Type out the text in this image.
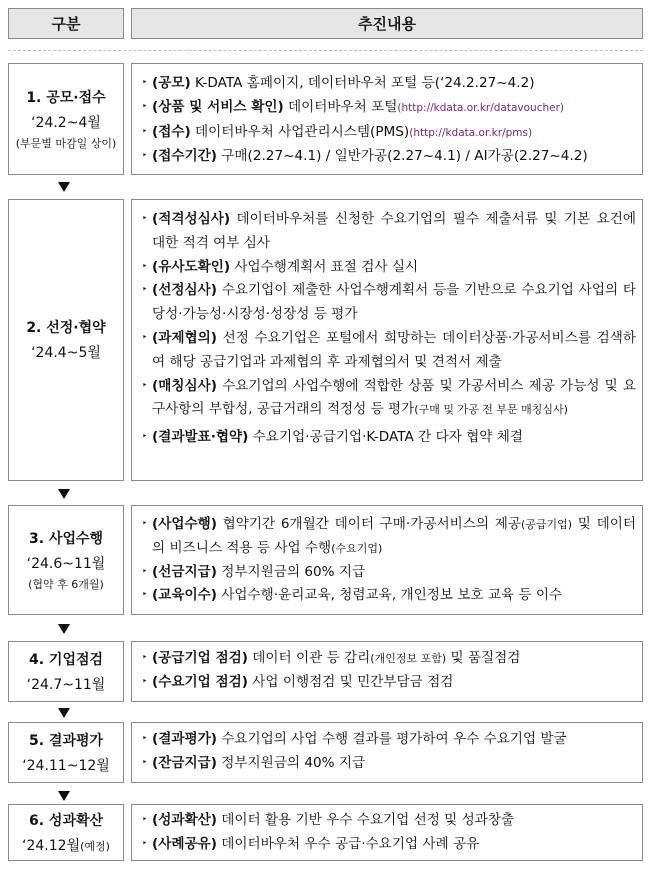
구분	추진내용
1. 공모·접수
‘24.2~4월
(부문별 마감일 상이)
‣ (공모) K-DATA 홈페이지, 데이터바우처 포털 등(‘24.2.27~4.2)
‣ (상품 및 서비스 확인) 데이터바우처 포털(http://kdata.or.kr/datavoucher)
‣ (접수) 데이터바우처 사업관리시스템(PMS)(http://kdata.or.kr/pms)
‣ (접수기간) 구매(2.27~4.1) / 일반가공(2.27~4.1) / AI가공(2.27~4.2)
2. 선정·협약
‘24.4~5월
‣ (적격성심사) 데이터바우처를 신청한 수요기업의 필수 제출서류 및 기본 요건에 대한 적격 여부 심사
‣ (유사도확인) 사업수행계획서 표절 검사 실시
‣ (선정심사) 수요기업이 제출한 사업수행계획서 등을 기반으로 수요기업 사업의 타당성·가능성·시장성·성장성 등 평가
‣ (과제협의) 선정 수요기업은 포털에서 희망하는 데이터상품·가공서비스를 검색하여 해당 공급기업과 과제협의 후 과제협의서 및 견적서 제출
‣ (매칭심사) 수요기업의 사업수행에 적합한 상품 및 가공서비스 제공 가능성 및 요구사항의 부합성, 공급거래의 적정성 등 평가(구매 및 가공 전 부문 매칭심사)
‣ (결과발표·협약) 수요기업·공급기업·K-DATA 간 다자 협약 체결
3. 사업수행
‘24.6~11월
(협약 후 6개월)
‣ (사업수행) 협약기간 6개월간 데이터 구매·가공서비스의 제공(공급기업) 및 데이터의 비즈니스 적용 등 사업 수행(수요기업)
‣ (선금지급) 정부지원금의 60% 지급
‣ (교육이수) 사업수행·윤리교육, 청렴교육, 개인정보 보호 교육 등 이수
4. 기업점검
‘24.7~11월
‣ (공급기업 점검) 데이터 이관 등 감리(개인정보 포함) 및 품질점검
‣ (수요기업 점검) 사업 이행점검 및 민간부담금 점검
5. 결과평가
‘24.11~12월
‣ (결과평가) 수요기업의 사업 수행 결과를 평가하여 우수 수요기업 발굴
‣ (잔금지급) 정부지원금의 40% 지급
6. 성과확산
‘24.12월(예정)
‣ (성과확산) 데이터 활용 기반 우수 수요기업 선정 및 성과창출
‣ (사례공유) 데이터바우처 우수 공급·수요기업 사례 공유
